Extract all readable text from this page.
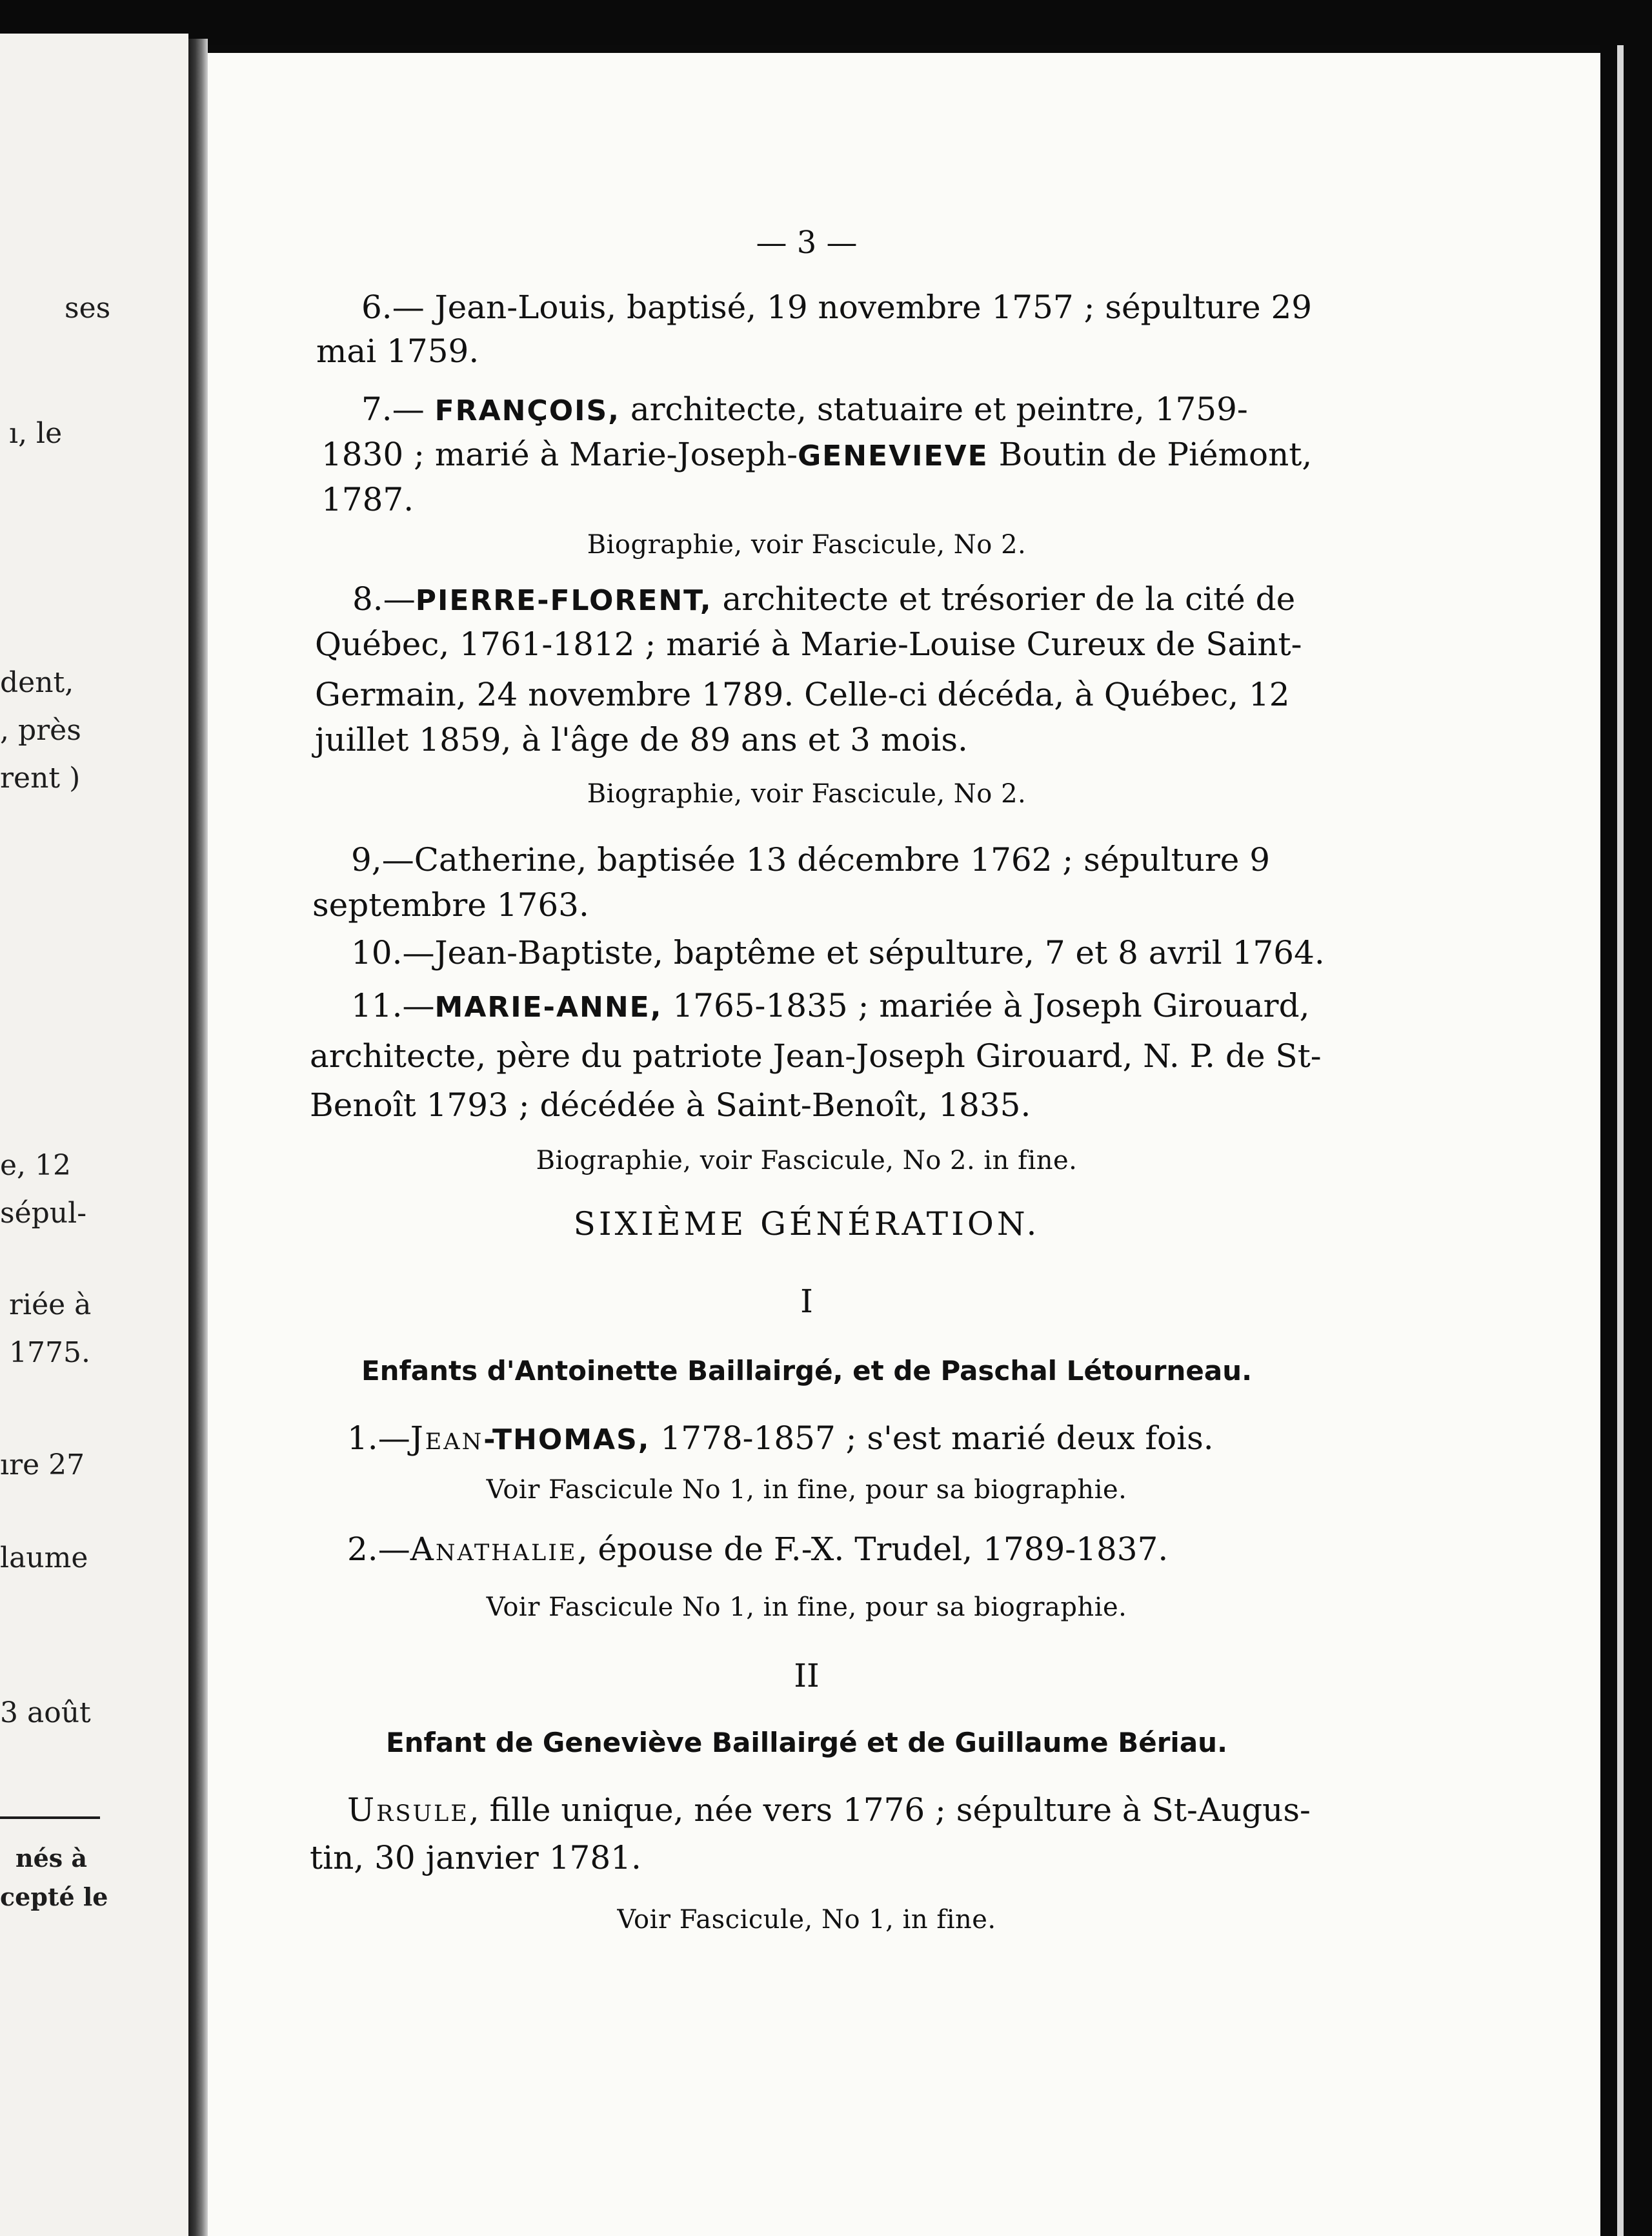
ses
ı, le
dent,
, près
rent )
e, 12
sépul-
riée à
1775.
ıre 27
laume
3 août
nés à
cepté le
— 3 —
6.— Jean-Louis, baptisé, 19 novembre 1757 ; sépulture 29
mai 1759.
7.— FRANÇOIS, architecte, statuaire et peintre, 1759-
1830 ; marié à Marie-Joseph-GENEVIEVE Boutin de Piémont,
1787.
Biographie, voir Fascicule, No 2.
8.—PIERRE-FLORENT, architecte et trésorier de la cité de
Québec, 1761-1812 ; marié à Marie-Louise Cureux de Saint-
Germain, 24 novembre 1789. Celle-ci décéda, à Québec, 12
juillet 1859, à l'âge de 89 ans et 3 mois.
Biographie, voir Fascicule, No 2.
9,—Catherine, baptisée 13 décembre 1762 ; sépulture 9
septembre 1763.
10.—Jean-Baptiste, baptême et sépulture, 7 et 8 avril 1764.
11.—MARIE-ANNE, 1765-1835 ; mariée à Joseph Girouard,
architecte, père du patriote Jean-Joseph Girouard, N. P. de St-
Benoît 1793 ; décédée à Saint-Benoît, 1835.
Biographie, voir Fascicule, No 2. in fine.
SIXIÈME GÉNÉRATION.
I
Enfants d'Antoinette Baillairgé, et de Paschal Létourneau.
1.—Jean-THOMAS, 1778-1857 ; s'est marié deux fois.
Voir Fascicule No 1, in fine, pour sa biographie.
2.—Anathalie, épouse de F.-X. Trudel, 1789-1837.
Voir Fascicule No 1, in fine, pour sa biographie.
II
Enfant de Geneviève Baillairgé et de Guillaume Bériau.
Ursule, fille unique, née vers 1776 ; sépulture à St-Augus-
tin, 30 janvier 1781.
Voir Fascicule, No 1, in fine.
